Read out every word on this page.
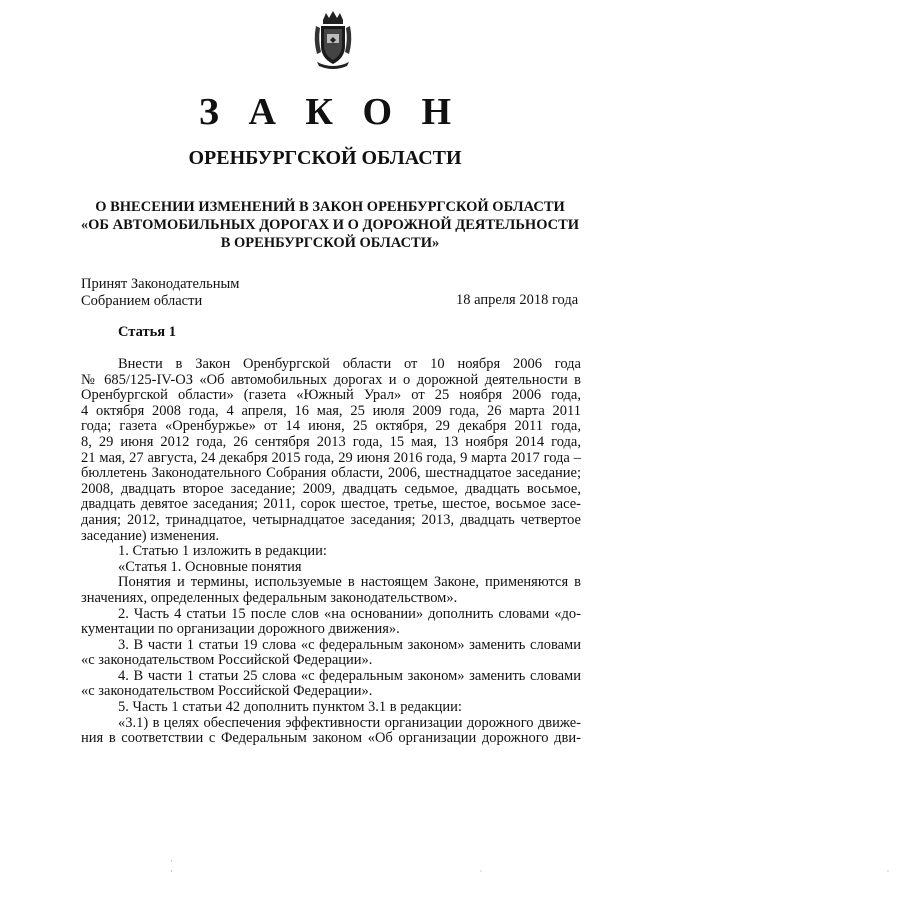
З А К О Н
ОРЕНБУРГСКОЙ ОБЛАСТИ
О ВНЕСЕНИИ ИЗМЕНЕНИЙ В ЗАКОН ОРЕНБУРГСКОЙ ОБЛАСТИ
«ОБ АВТОМОБИЛЬНЫХ ДОРОГАХ И О ДОРОЖНОЙ ДЕЯТЕЛЬНОСТИ
В ОРЕНБУРГСКОЙ ОБЛАСТИ»
Принят Законодательным
Собранием области	18 апреля 2018 года
Статья 1
Внести в Закон Оренбургской области от 10 ноября 2006 года
№ 685/125-IV-ОЗ «Об автомобильных дорогах и о дорожной деятельности в
Оренбургской области» (газета «Южный Урал» от 25 ноября 2006 года,
4 октября 2008 года, 4 апреля, 16 мая, 25 июля 2009 года, 26 марта 2011
года; газета «Оренбуржье» от 14 июня, 25 октября, 29 декабря 2011 года,
8, 29 июня 2012 года, 26 сентября 2013 года, 15 мая, 13 ноября 2014 года,
21 мая, 27 августа, 24 декабря 2015 года, 29 июня 2016 года, 9 марта 2017 года –
бюллетень Законодательного Собрания области, 2006, шестнадцатое заседание;
2008, двадцать второе заседание; 2009, двадцать седьмое, двадцать восьмое,
двадцать девятое заседания; 2011, сорок шестое, третье, шестое, восьмое засе-
дания; 2012, тринадцатое, четырнадцатое заседания; 2013, двадцать четвертое
заседание) изменения.
1. Статью 1 изложить в редакции:
«Статья 1. Основные понятия
Понятия и термины, используемые в настоящем Законе, применяются в
значениях, определенных федеральным законодательством».
2. Часть 4 статьи 15 после слов «на основании» дополнить словами «до-
кументации по организации дорожного движения».
3. В части 1 статьи 19 слова «с федеральным законом» заменить словами
«с законодательством Российской Федерации».
4. В части 1 статьи 25 слова «с федеральным законом» заменить словами
«с законодательством Российской Федерации».
5. Часть 1 статьи 42 дополнить пунктом 3.1 в редакции:
«3.1) в целях обеспечения эффективности организации дорожного движе-
ния в соответствии с Федеральным законом «Об организации дорожного дви-
· ·                  ·                        ·
